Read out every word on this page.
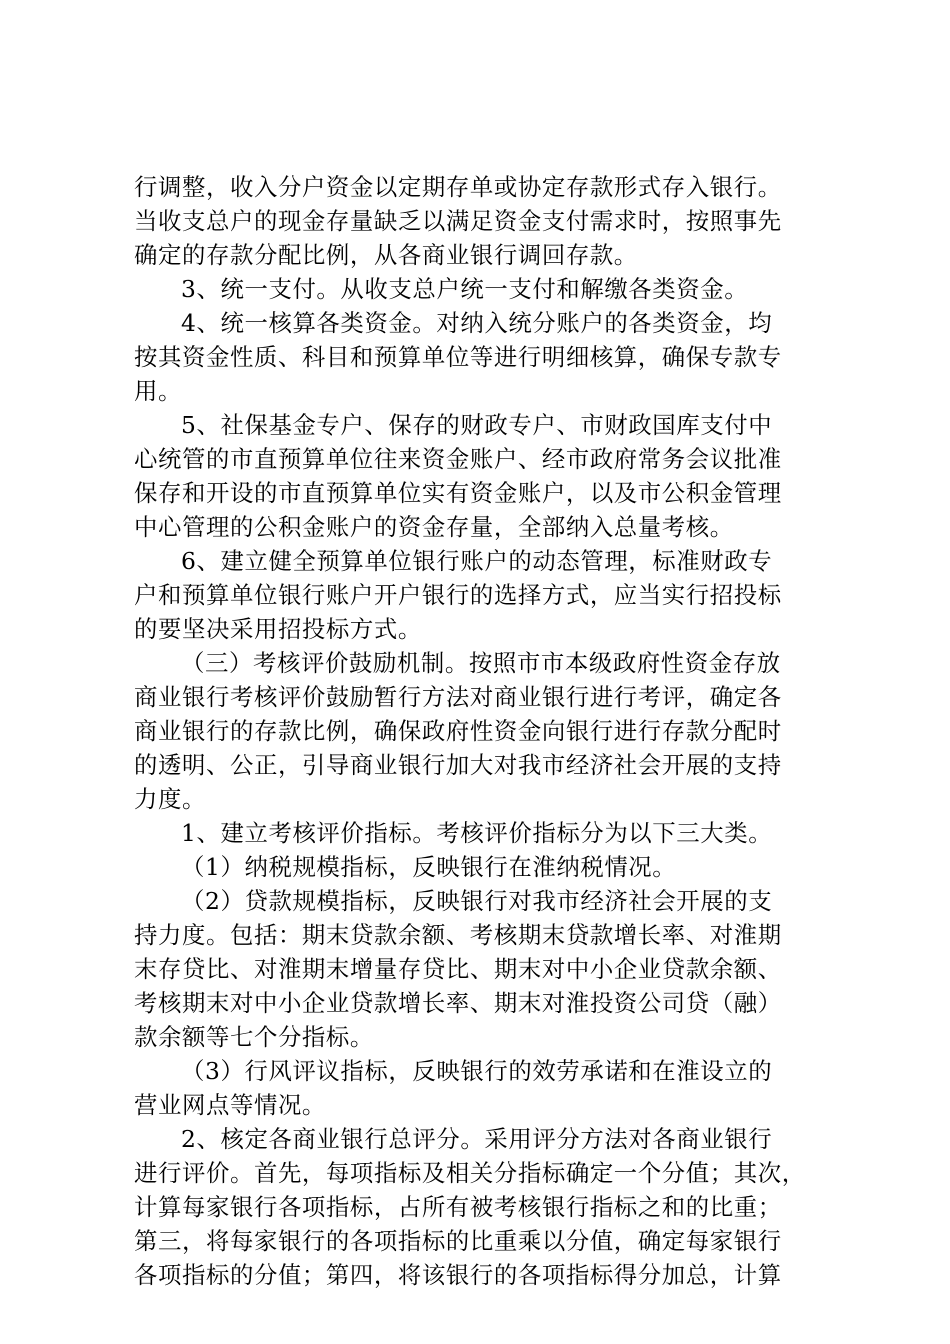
行调整，收入分户资金以定期存单或协定存款形式存入银行。
当收支总户的现金存量缺乏以满足资金支付需求时，按照事先
确定的存款分配比例，从各商业银行调回存款。
3、统一支付。从收支总户统一支付和解缴各类资金。
4、统一核算各类资金。对纳入统分账户的各类资金，均
按其资金性质、科目和预算单位等进行明细核算，确保专款专
用。
5、社保基金专户、保存的财政专户、市财政国库支付中
心统管的市直预算单位往来资金账户、经市政府常务会议批准
保存和开设的市直预算单位实有资金账户，以及市公积金管理
中心管理的公积金账户的资金存量，全部纳入总量考核。
6、建立健全预算单位银行账户的动态管理，标准财政专
户和预算单位银行账户开户银行的选择方式，应当实行招投标
的要坚决采用招投标方式。
（三）考核评价鼓励机制。按照市市本级政府性资金存放
商业银行考核评价鼓励暂行方法对商业银行进行考评，确定各
商业银行的存款比例，确保政府性资金向银行进行存款分配时
的透明、公正，引导商业银行加大对我市经济社会开展的支持
力度。
1、建立考核评价指标。考核评价指标分为以下三大类。
（1）纳税规模指标，反映银行在淮纳税情况。
（2）贷款规模指标，反映银行对我市经济社会开展的支
持力度。包括：期末贷款余额、考核期末贷款增长率、对淮期
末存贷比、对淮期末增量存贷比、期末对中小企业贷款余额、
考核期末对中小企业贷款增长率、期末对淮投资公司贷（融）
款余额等七个分指标。
（3）行风评议指标，反映银行的效劳承诺和在淮设立的
营业网点等情况。
2、核定各商业银行总评分。采用评分方法对各商业银行
进行评价。首先，每项指标及相关分指标确定一个分值；其次，
计算每家银行各项指标，占所有被考核银行指标之和的比重；
第三，将每家银行的各项指标的比重乘以分值，确定每家银行
各项指标的分值；第四，将该银行的各项指标得分加总，计算
